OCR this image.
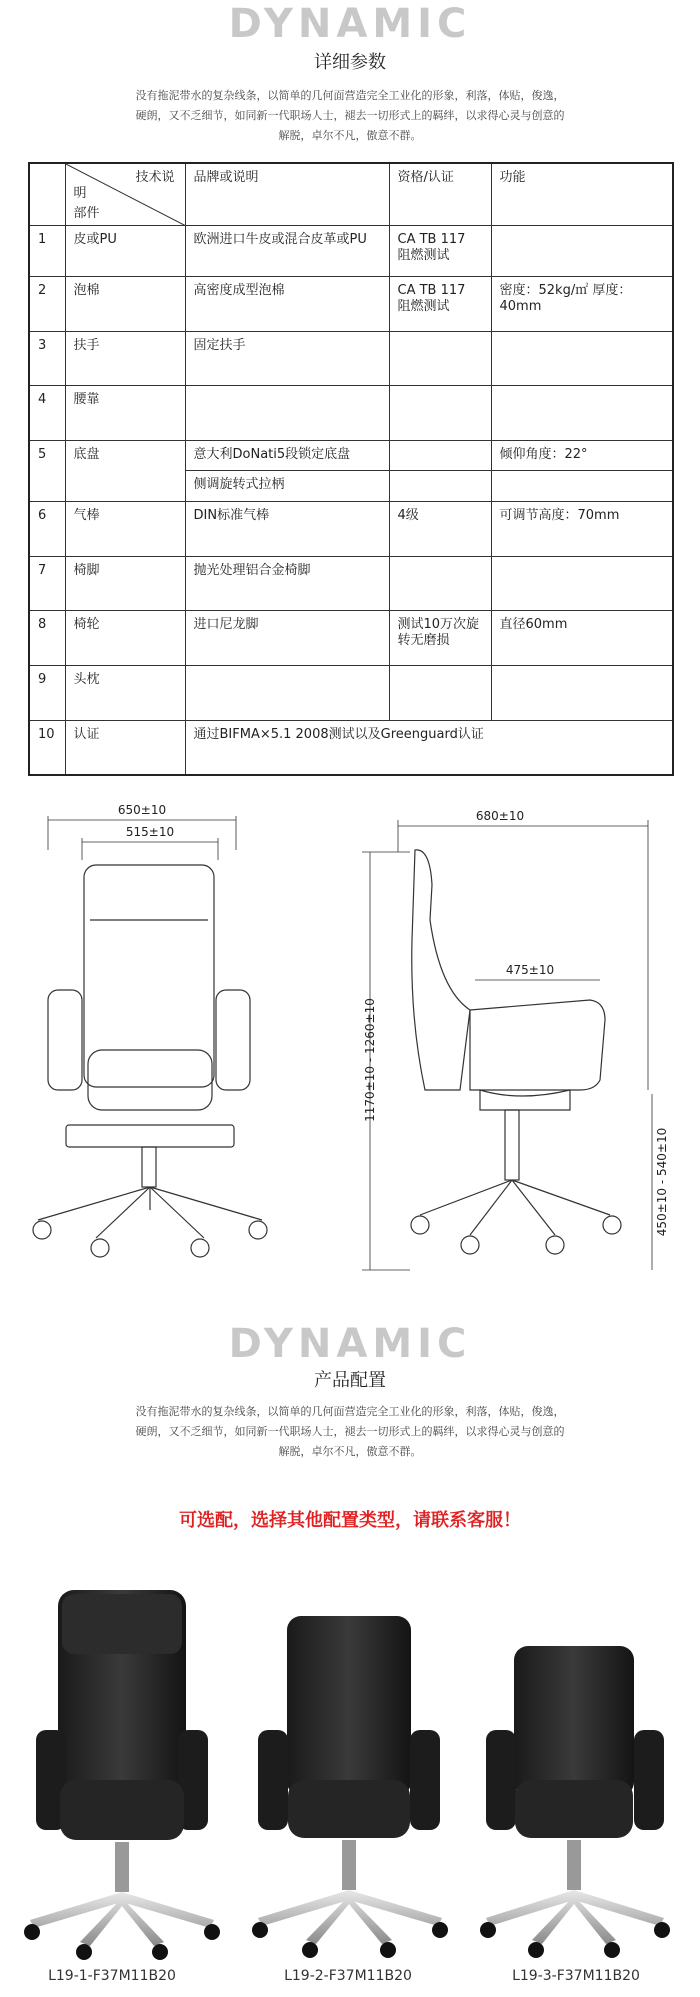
DYNAMIC
详细参数
没有拖泥带水的复杂线条，以简单的几何面营造完全工业化的形象，利落，体贴，俊逸，
硬朗，又不乏细节，如同新一代职场人士，褪去一切形式上的羁绊，以求得心灵与创意的
解脱，卓尔不凡，傲意不群。

	技术说
明
部件	品牌或说明	资格/认证	功能
1	皮或PU	欧洲进口牛皮或混合皮革或PU	CA TB 117 阻燃测试	
2	泡棉	高密度成型泡棉	CA TB 117 阻燃测试	密度：52kg/㎡ 厚度：40mm
3	扶手	固定扶手		
4	腰靠			
5	底盘	意大利DoNati5段锁定底盘		倾仰角度：22°
		侧调旋转式拉柄		
6	气棒	DIN标准气棒	4级	可调节高度：70mm
7	椅脚	抛光处理铝合金椅脚		
8	椅轮	进口尼龙脚	测试10万次旋转无磨损	直径60mm
9	头枕			
10	认证	通过BIFMA×5.1 2008测试以及Greenguard认证		
650±10
515±10
680±10
475±10
1170±10 - 1260±10
450±10 - 540±10
DYNAMIC
产品配置
没有拖泥带水的复杂线条，以简单的几何面营造完全工业化的形象，利落，体贴，俊逸，
硬朗，又不乏细节，如同新一代职场人士，褪去一切形式上的羁绊，以求得心灵与创意的
解脱，卓尔不凡，傲意不群。
可选配，选择其他配置类型，请联系客服！
L19-1-F37M11B20	L19-2-F37M11B20	L19-3-F37M11B20
